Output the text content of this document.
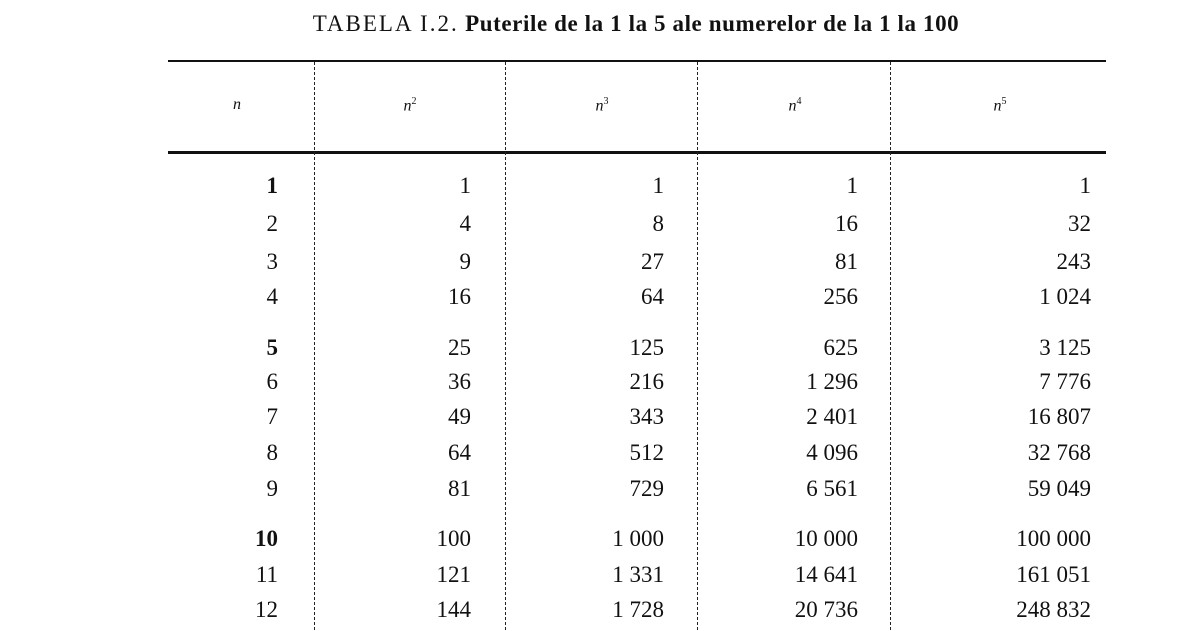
TABELA I.2. Puterile de la 1 la 5 ale numerelor de la 1 la 100
n	$n^2$	$n^3$	$n^4$	$n^5$
1	1	1	1	1
2	4	8	16	32
3	9	27	81	243
4	16	64	256	1 024
5	25	125	625	3 125
6	36	216	1 296	7 776
7	49	343	2 401	16 807
8	64	512	4 096	32 768
9	81	729	6 561	59 049
10	100	1 000	10 000	100 000
11	121	1 331	14 641	161 051
12	144	1 728	20 736	248 832
